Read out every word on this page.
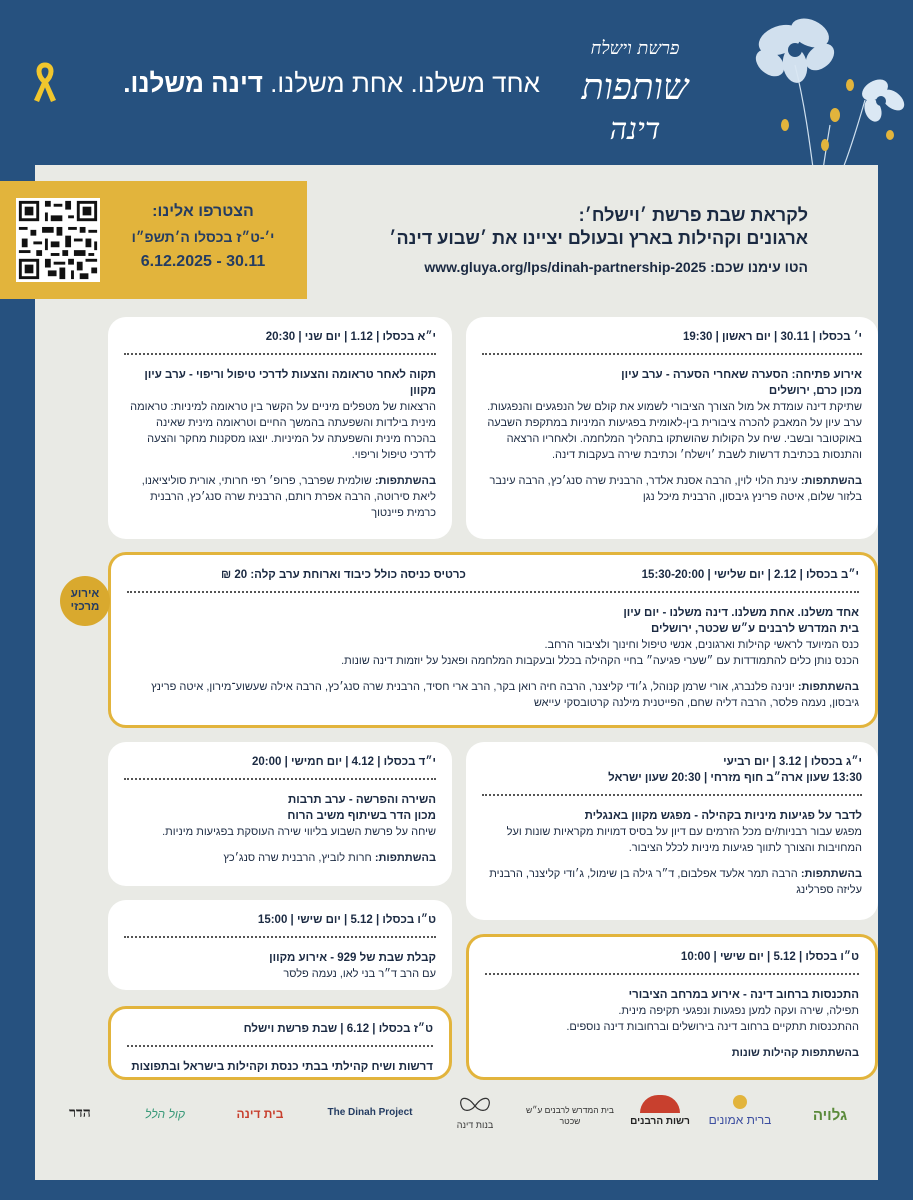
אחד משלנו. אחת משלנו. דינה משלנו.
פרשת וישלח
שותפות
דינה
הצטרפו אלינו:
י׳-ט״ז בכסלו ה׳תשפ״ו
30.11 - 6.12.2025
לקראת שבת פרשת ׳וישלח׳:
ארגונים וקהילות בארץ ובעולם יציינו את ׳שבוע דינה׳
הטו עימנו שכם: www.gluya.org/lps/dinah-partnership-2025
י׳ בכסלו | 30.11 | יום ראשון | 19:30
אירוע פתיחה: הסערה שאחרי הסערה - ערב עיון
מכון כרם, ירושלים
שתיקת דינה עומדת אל מול הצורך הציבורי לשמוע את קולם של הנפגעים והנפגעות. ערב עיון על המאבק להכרה ציבורית בין-לאומית בפגיעות המיניות במתקפת השבעה באוקטובר ובשבי. שיח על הקולות שהושתקו בתהליך המלחמה. ולאחריו הרצאה והתנסות בכתיבת דרשות לשבת ׳וישלח׳ וכתיבת שירה בעקבות דינה.
בהשתתפות: עינת הלוי לוין, הרבה אסנת אלדר, הרבנית שרה סנג׳כץ, הרבה עינבר בלזור שלום, איטה פרינץ גיבסון, הרבנית מיכל נגן
י״א בכסלו | 1.12 | יום שני | 20:30
תקוה לאחר טראומה והצעות לדרכי טיפול וריפוי - ערב עיון מקוון
הרצאות של מטפלים מיניים על הקשר בין טראומה למיניות: טראומה מינית בילדות והשפעתה בהמשך החיים וטראומה מינית שאינה בהכרח מינית והשפעתה על המיניות. יוצגו מסקנות מחקר והצעה לדרכי טיפול וריפוי.
בהשתתפות: שולמית שפרבר, פרופ׳ רפי חרותי, אורית סוליציאנו, ליאת סירוטה, הרבה אפרת רותם, הרבנית שרה סנג׳כץ, הרבנית כרמית פיינטוך
י״ב בכסלו | 2.12 | יום שלישי | 15:30-20:00
כרטיס כניסה כולל כיבוד וארוחת ערב קלה: 20 ₪
אחד משלנו. אחת משלנו. דינה משלנו - יום עיון
בית המדרש לרבנים ע״ש שכטר, ירושלים
כנס המיועד לראשי קהילות וארגונים, אנשי טיפול וחינוך ולציבור הרחב.
הכנס נותן כלים להתמודדות עם ״שערי פגיעה״ בחיי הקהילה בכלל ובעקבות המלחמה ופאנל על יוזמות דינה שונות.
בהשתתפות: יונינה פלנברג, אורי שרמן קנוהל, ג׳ודי קליצנר, הרבה חיה רואן בקר, הרב ארי חסיד, הרבנית שרה סנג׳כץ, הרבה אילה שעשוע־מירון, איטה פרינץ גיבסון, נעמה פלסר, הרבה דליה שחם, הפייטנית מילנה קרטובסקי עייאש
אירוע
מרכזי
י״ג בכסלו | 3.12 | יום רביעי
13:30 שעון ארה״ב חוף מזרחי | 20:30 שעון ישראל
לדבר על פגיעות מיניות בקהילה - מפגש מקוון באנגלית
מפגש עבור רבניות/ים מכל הזרמים עם דיון על בסיס דמויות מקראיות שונות ועל המחויבות והצורך לתווך פגיעות מיניות לכלל הציבור.
בהשתתפות: הרבה תמר אלעד אפלבום, ד״ר גילה בן שימול, ג׳ודי קליצנר, הרבנית עליזה ספרלינג
י״ד בכסלו | 4.12 | יום חמישי | 20:00
השירה והפרשה - ערב תרבות
מכון הדר בשיתוף משיב הרוח
שיחה על פרשת השבוע בליווי שירה העוסקת בפגיעות מיניות.
בהשתתפות: חרות לוביץ, הרבנית שרה סנג׳כץ
ט״ו בכסלו | 5.12 | יום שישי | 15:00
קבלת שבת של 929 - אירוע מקוון
עם הרב ד״ר בני לאו, נעמה פלסר
ט״ו בכסלו | 5.12 | יום שישי | 10:00
התכנסות ברחוב דינה - אירוע במרחב הציבורי
תפילה, שירה ועקה למען נפגעות ונפגעי תקיפה מינית.
ההתכנסות תתקיים ברחוב דינה בירושלים וברחובות דינה נוספים.
בהשתתפות קהילות שונות
ט״ז בכסלו | 6.12 | שבת פרשת וישלח
דרשות ושיח קהילתי בבתי כנסת וקהילות בישראל ובתפוצות
גלויה
ברית אמונים
רשות הרבנים
בית המדרש לרבנים ע״ש שכטר
בנות דינה
The Dinah Project
בית דינה
קול הלל
הדר
